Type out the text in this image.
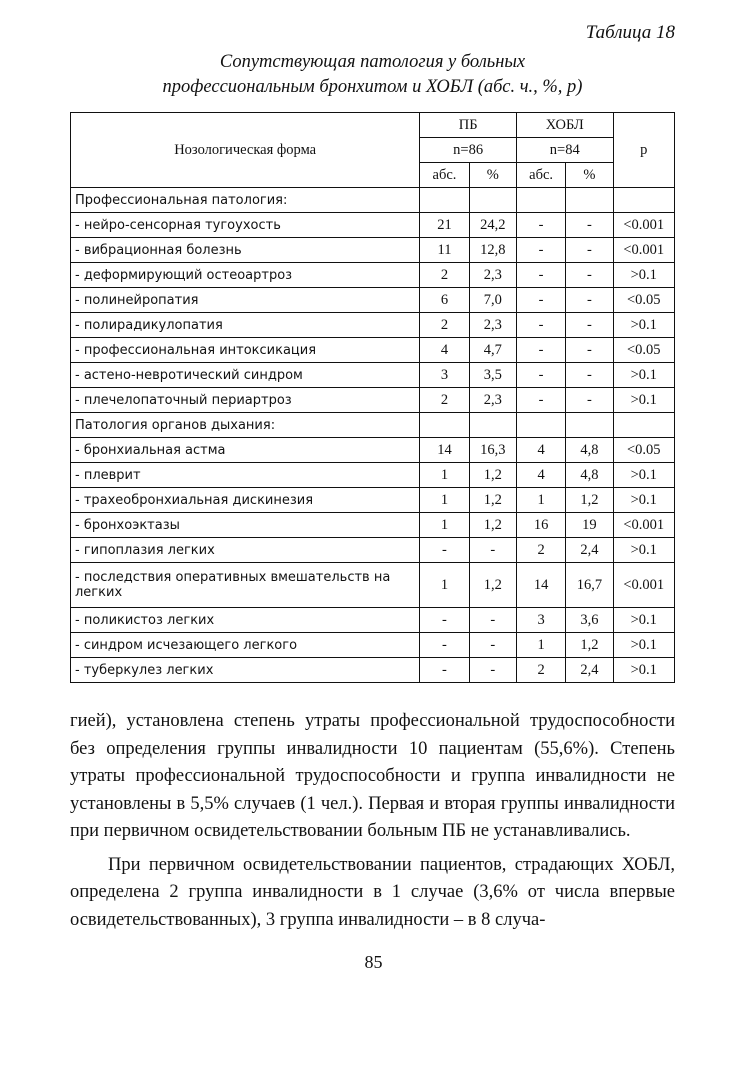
Таблица 18
Сопутствующая патология у больных
профессиональным бронхитом и ХОБЛ (абс. ч., %, р)
Нозологическая форма	ПБ		ХОБЛ		р
	n=86		n=84		
	абс.	%	абс.	%	
Профессиональная патология:					
- нейро-сенсорная тугоухость	21	24,2	-	-	<0.001
- вибрационная болезнь	11	12,8	-	-	<0.001
- деформирующий остеоартроз	2	2,3	-	-	>0.1
- полинейропатия	6	7,0	-	-	<0.05
- полирадикулопатия	2	2,3	-	-	>0.1
- профессиональная интоксикация	4	4,7	-	-	<0.05
- астено-невротический синдром	3	3,5	-	-	>0.1
- плечелопаточный периартроз	2	2,3	-	-	>0.1
Патология органов дыхания:					
- бронхиальная астма	14	16,3	4	4,8	<0.05
- плеврит	1	1,2	4	4,8	>0.1
- трахеобронхиальная дискинезия	1	1,2	1	1,2	>0.1
- бронхоэктазы	1	1,2	16	19	<0.001
- гипоплазия легких	-	-	2	2,4	>0.1
- последствия оперативных вмешательств на легких	1	1,2	14	16,7	<0.001
- поликистоз легких	-	-	3	3,6	>0.1
- синдром исчезающего легкого	-	-	1	1,2	>0.1
- туберкулез легких	-	-	2	2,4	>0.1

гией), установлена степень утраты профессиональной трудоспособности без определения группы инвалидности 10 пациентам (55,6%). Степень утраты профессиональной трудоспособности и группа инвалидности не установлены в 5,5% случаев (1 чел.). Первая и вторая группы инвалидности при первичном освидетельствовании больным ПБ не устанавливались.

При первичном освидетельствовании пациентов, страдающих ХОБЛ, определена 2 группа инвалидности в 1 случае (3,6% от числа впервые освидетельствованных), 3 группа инвалидности – в 8 случа-

85
